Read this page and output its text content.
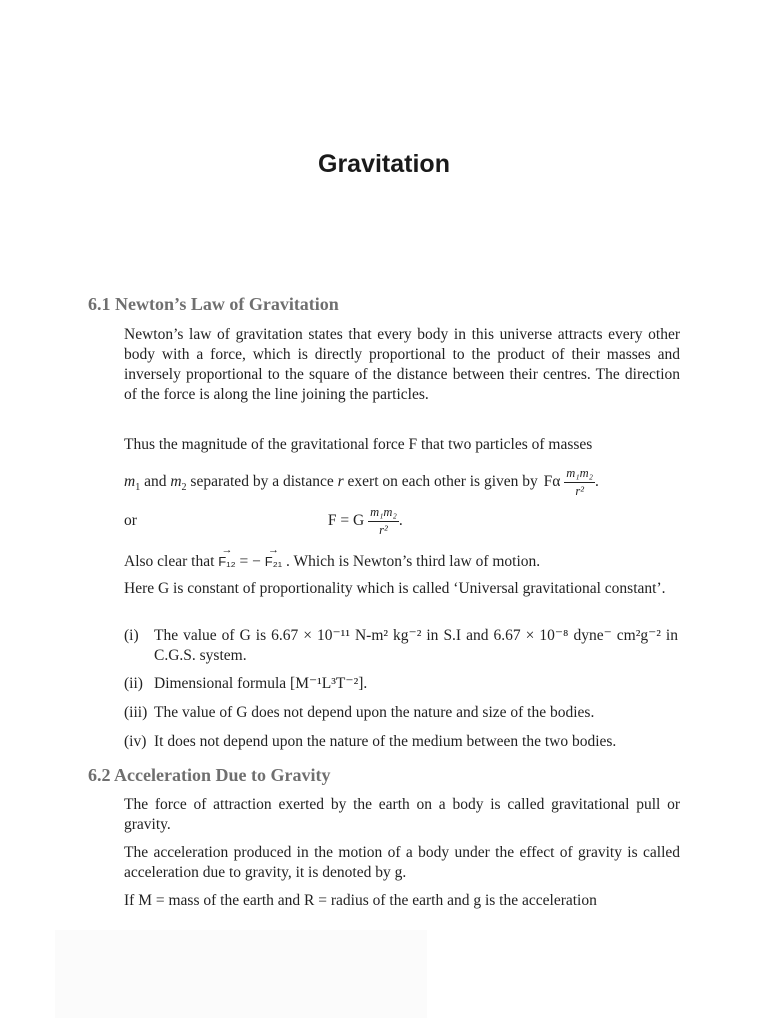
Gravitation
6.1 Newton’s Law of Gravitation

Newton’s law of gravitation states that every body in this universe attracts every other body with a force, which is directly proportional to the product of their masses and inversely proportional to the square of the distance between their centres. The direction of the force is along the line joining the particles.

Thus the magnitude of the gravitational force F that two particles of masses

$m_1$ and $m_2$ separated by a distance r exert on each other is given by Fα $\frac{\text{m₁m₂}}{\text{r²}}$ .
or	F = G $\frac{\text{m₁m₂}}{\text{r²}}$ .
Also clear that
→
F₁₂ = −
→
F₂₁ . Which is Newton’s third law of motion.

Here G is constant of proportionality which is called ‘Universal gravitational constant’.

(i) The value of G is 6.67 × 10⁻¹¹ N-m² kg⁻² in S.I and 6.67 × 10⁻⁸ dyne⁻ cm²g⁻² in C.G.S. system.
(ii) Dimensional formula [M⁻¹L³T⁻²].
(iii) The value of G does not depend upon the nature and size of the bodies.
(iv) It does not depend upon the nature of the medium between the two bodies.
6.2 Acceleration Due to Gravity

The force of attraction exerted by the earth on a body is called gravitational pull or gravity.

The acceleration produced in the motion of a body under the effect of gravity is called acceleration due to gravity, it is denoted by g.

If M = mass of the earth and R = radius of the earth and g is the acceleration
